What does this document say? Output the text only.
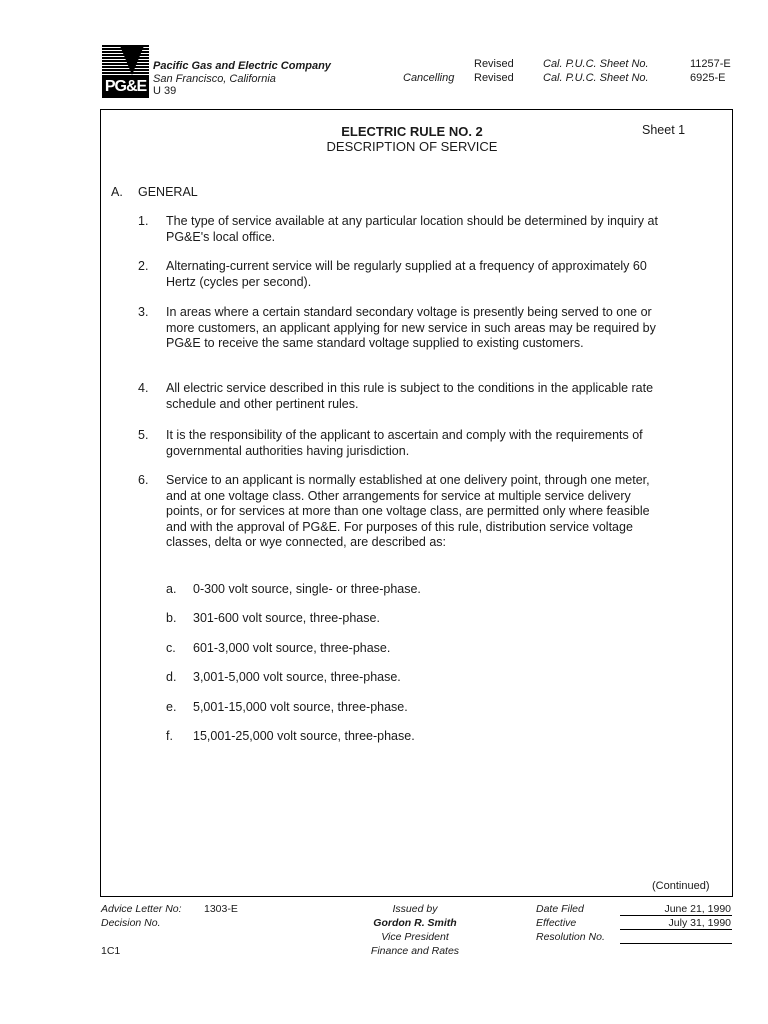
PG&E
Pacific Gas and Electric Company
San Francisco, California
U 39
Revised	Cal. P.U.C. Sheet No.	11257-E
Cancelling Revised	Cal. P.U.C. Sheet No.	6925-E
ELECTRIC RULE NO. 2
DESCRIPTION OF SERVICE
Sheet 1
A. GENERAL
1. The type of service available at any particular location should be determined by inquiry at PG&E's local office.
2. Alternating-current service will be regularly supplied at a frequency of approximately 60 Hertz (cycles per second).
3. In areas where a certain standard secondary voltage is presently being served to one or more customers, an applicant applying for new service in such areas may be required by PG&E to receive the same standard voltage supplied to existing customers.
4. All electric service described in this rule is subject to the conditions in the applicable rate schedule and other pertinent rules.
5. It is the responsibility of the applicant to ascertain and comply with the requirements of governmental authorities having jurisdiction.
6. Service to an applicant is normally established at one delivery point, through one meter, and at one voltage class. Other arrangements for service at multiple service delivery points, or for services at more than one voltage class, are permitted only where feasible and with the approval of PG&E. For purposes of this rule, distribution service voltage classes, delta or wye connected, are described as:
a. 0-300 volt source, single- or three-phase.
b. 301-600 volt source, three-phase.
c. 601-3,000 volt source, three-phase.
d. 3,001-5,000 volt source, three-phase.
e. 5,001-15,000 volt source, three-phase.
f. 15,001-25,000 volt source, three-phase.
(Continued)
Advice Letter No: 1303-E
Decision No.
1C1
Issued by
Gordon R. Smith
Vice President
Finance and Rates
Date Filed	June 21, 1990
Effective	July 31, 1990
Resolution No.
